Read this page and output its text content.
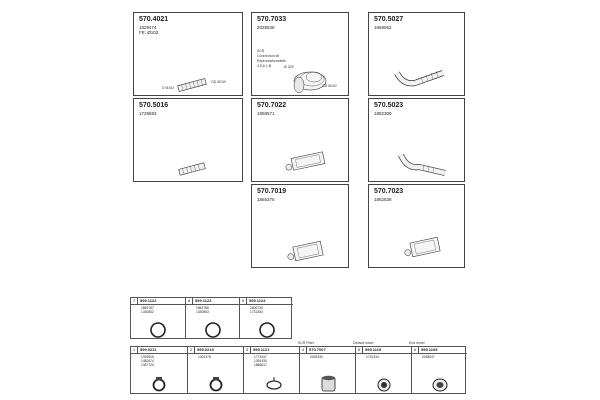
570.4021
1629474
FE: Ø102
D Ø102
OD Ø130
570.7033
2028538
SCR
Connection kit
Reproduktionsteile
4,5,6 L-B	Ø 325
OD Ø102
570.5027
1869062
570.5016
1729593
570.7022
1868571
570.5023
1882300
570.7019
1865375
570.7023
1882538
7 599.1122
1863787
1330852
8 599.1123
1863788
1330853
9 599.1124
1600730
1731353
SCR Filter	Default mixer	End mixer
1 599.0211
1329515
1482474
1367726
2 599.0219
1401378
3 599.1121
1774437
1391430
1866617
4 570.7007
2029330
5 599.1119
1731334
6 599.1105
2038047
